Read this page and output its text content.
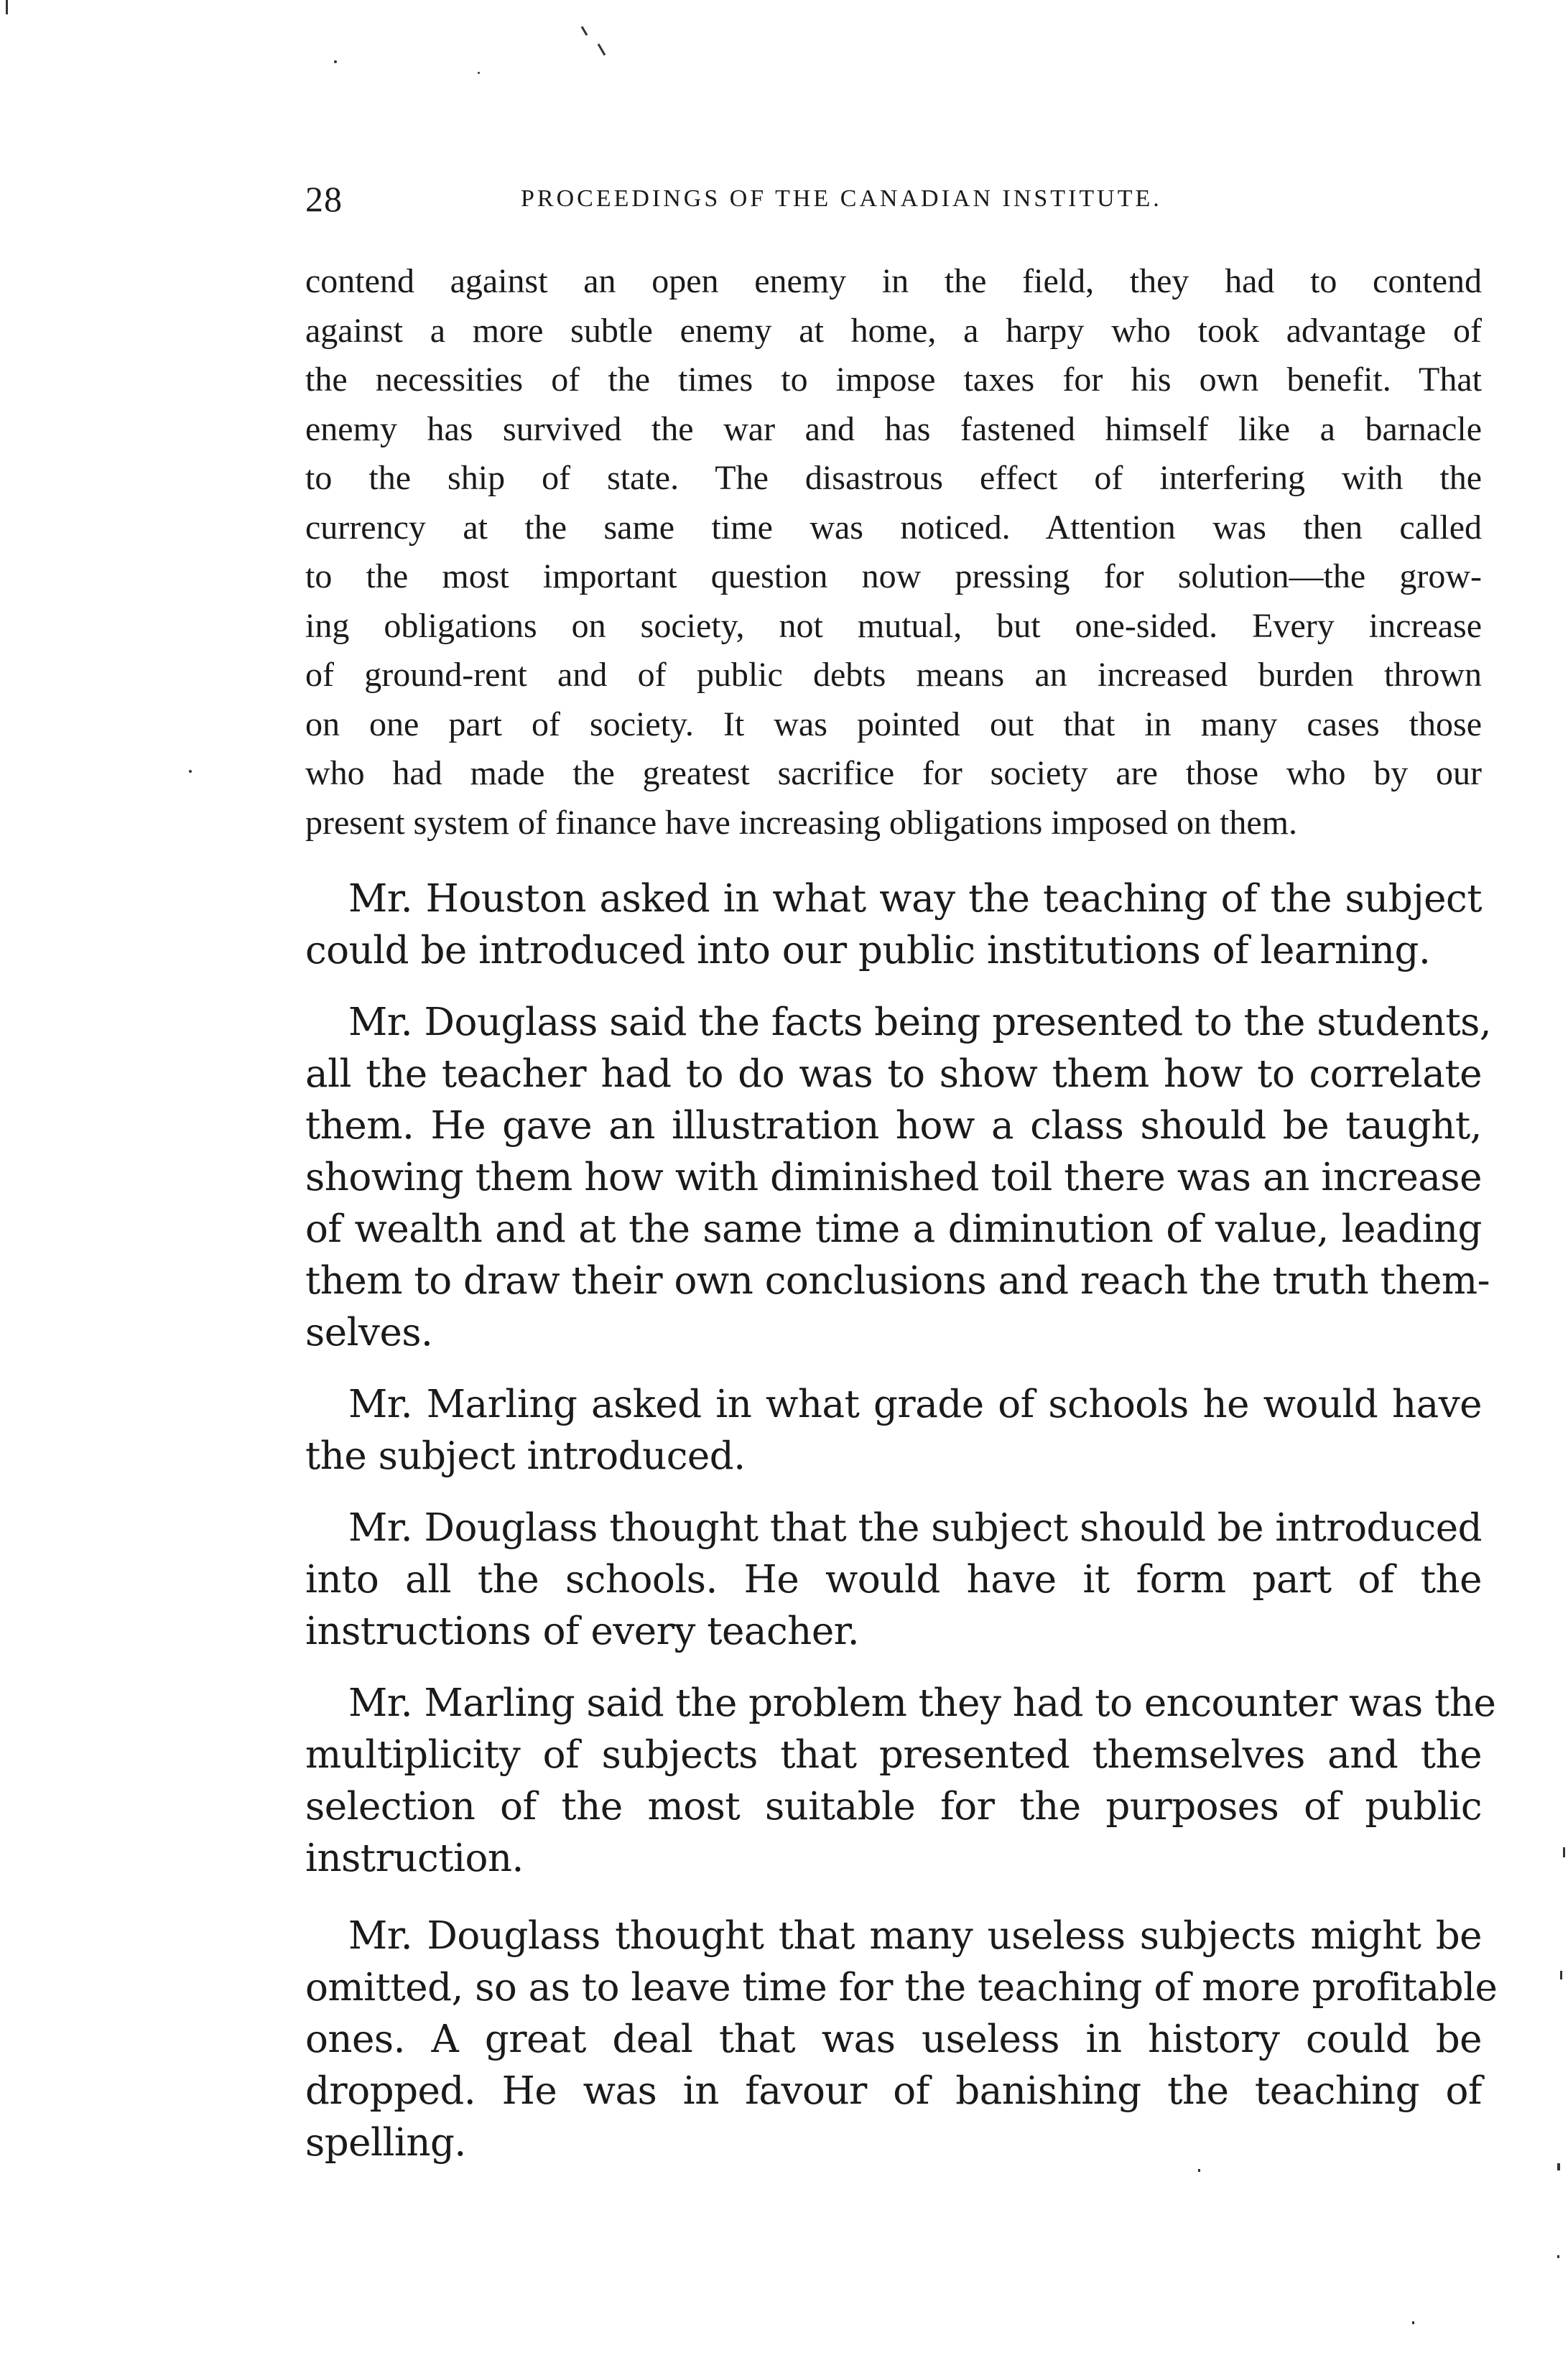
28	PROCEEDINGS OF THE CANADIAN INSTITUTE.
contend against an open enemy in the field, they had to contend
against a more subtle enemy at home, a harpy who took advantage of
the necessities of the times to impose taxes for his own benefit. That
enemy has survived the war and has fastened himself like a barnacle
to the ship of state. The disastrous effect of interfering with the
currency at the same time was noticed. Attention was then called
to the most important question now pressing for solution—the grow-
ing obligations on society, not mutual, but one-sided. Every increase
of ground-rent and of public debts means an increased burden thrown
on one part of society. It was pointed out that in many cases those
who had made the greatest sacrifice for society are those who by our
present system of finance have increasing obligations imposed on them.
Mr. Houston asked in what way the teaching of the subject
could be introduced into our public institutions of learning.
Mr. Douglass said the facts being presented to the students,
all the teacher had to do was to show them how to correlate
them. He gave an illustration how a class should be taught,
showing them how with diminished toil there was an increase
of wealth and at the same time a diminution of value, leading
them to draw their own conclusions and reach the truth them-
selves.
Mr. Marling asked in what grade of schools he would have
the subject introduced.
Mr. Douglass thought that the subject should be introduced
into all the schools. He would have it form part of the
instructions of every teacher.
Mr. Marling said the problem they had to encounter was the
multiplicity of subjects that presented themselves and the
selection of the most suitable for the purposes of public
instruction.
Mr. Douglass thought that many useless subjects might be
omitted, so as to leave time for the teaching of more profitable
ones. A great deal that was useless in history could be
dropped. He was in favour of banishing the teaching of
spelling.
